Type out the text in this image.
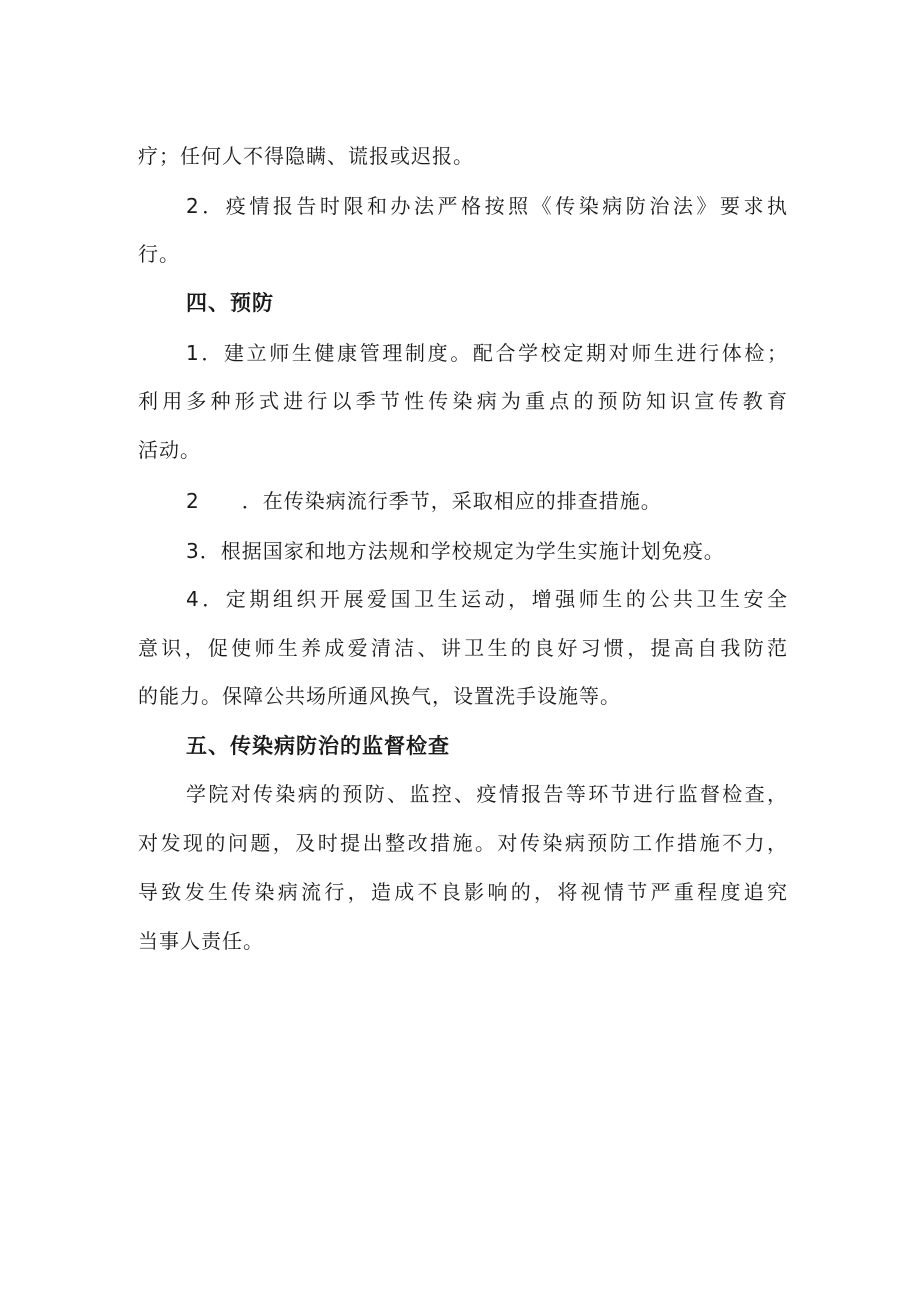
疗；任何人不得隐瞒、谎报或迟报。
2．疫情报告时限和办法严格按照《传染病防治法》要求执
行。
四、预防
1．建立师生健康管理制度。配合学校定期对师生进行体检；
利用多种形式进行以季节性传染病为重点的预防知识宣传教育
活动。
2 ．在传染病流行季节，采取相应的排查措施。
3．根据国家和地方法规和学校规定为学生实施计划免疫。
4．定期组织开展爱国卫生运动，增强师生的公共卫生安全
意识，促使师生养成爱清洁、讲卫生的良好习惯，提高自我防范
的能力。保障公共场所通风换气，设置洗手设施等。
五、传染病防治的监督检查
学院对传染病的预防、监控、疫情报告等环节进行监督检查，
对发现的问题，及时提出整改措施。对传染病预防工作措施不力，
导致发生传染病流行，造成不良影响的，将视情节严重程度追究
当事人责任。
